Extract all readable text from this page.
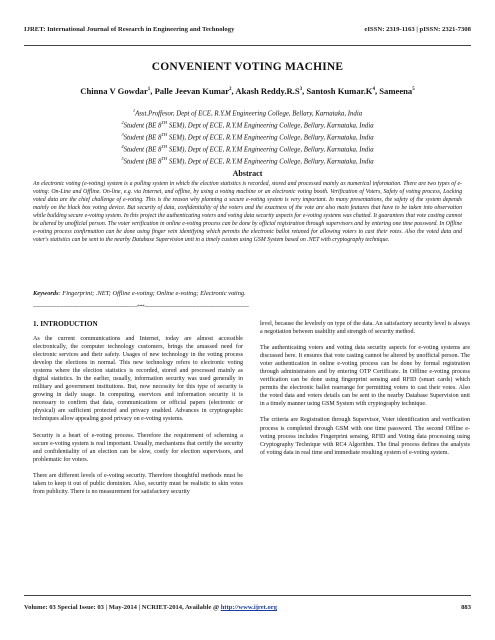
IJRET: International Journal of Research in Engineering and Technology	eISSN: 2319-1163 | pISSN: 2321-7308
CONVENIENT VOTING MACHINE
Chinna V Gowdar$^1$, Palle Jeevan Kumar$^2$, Akash $Reddy.R.S^3$, Santosh $Kumar.K^4$, Sameena$^5$
$^1$Asst.Proffesor, Dept of ECE, R.Y.M Engineering College, Bellary, Karnataka, India
$^2$Student (BE 8TH SEM), Dept of ECE, R.Y.M Engineering College, Bellary, Karnataka, India
$^3$Student (BE 8TH SEM), Dept of ECE, R.Y.M Engineering College, Bellary, Karnataka, India
$^4$Student (BE 8TH SEM), Dept of ECE, R.Y.M Engineering College, Bellary, Karnataka, India
$^5$Student (BE 8TH SEM), Dept of ECE, R.Y.M Engineering College, Bellary, Karnataka, India
Abstract
An electronic voting (e-voting) system is a polling system in which the election statistics is recorded, stored and processed mainly as numerical information. There are two types of e-voting: On-Line and Offline. On-line, e.g. via Internet, and offline, by using a voting machine or an electronic voting booth. Verification of Voters, Safety of voting process, Locking voted data are the chief challenge of e-voting. This is the reason why planning a secure e-voting system is very important. In many presentations, the safety of the system depends mainly on the black box voting device. But security of data, confidentiality of the voters and the exactness of the vote are also main features that have to be taken into observation while building secure e-voting system. In this project the authenticating voters and voting data security aspects for e-voting systems was chatted. It guarantees that vote casting cannot be altered by unofficial person. The voter verification in online e-voting process can be done by official registration through supervisors and by entering one time password. In Offline e-voting process confirmation can be done using finger vein identifying which permits the electronic ballot retuned for allowing voters to cast their votes. Also the voted data and voter's statistics can be sent to the nearby Database Supervision unit in a timely custom using GSM System based on .NET with cryptography technique.
Keywords: Fingerprint; .NET; Offline e-voting; Online e-voting; Electronic voting.
--------------------------------------------------------------------***--------------------------------------------------------------------
1. INTRODUCTION

As the current communications and Internet, today are almost accessible electronically, the computer technology customers, brings the amassed need for electronic services and their safety. Usages of new technology in the voting process develop the elections in normal. This new technology refers to electronic voting systems where the election statistics is recorded, stored and processed mainly as digital statistics. In the earlier, usually, information security was used generally in military and government institutions. But, now necessity for this type of security is growing in daily usage. In computing, eservices and information security it is necessary to confirm that data, communications or official papers (electronic or physical) are sufficient protected and privacy enabled. Advances in cryptographic techniques allow appealing good privacy on e-voting systems.

Security is a heart of e-voting process. Therefore the requirement of scheming a secure e-voting system is real important. Usually, mechanisms that certify the security and confidentiality of an election can be slow, costly for election supervisors, and problematic for voters.

There are different levels of e-voting security. Therefore thoughtful methods must be taken to keep it out of public dominion. Also, security must be realistic to skin votes from publicity. There is no measurement for satisfactory security

level, because the levelrely on type of the data. An satisfactory security level is always a negotiation between usability and strength of security method.

The authenticating voters and voting data security aspects for e-voting systems are discussed here. It ensures that vote casting cannot be altered by unofficial person. The voter authentication in online e-voting process can be done by formal registration through administrators and by entering OTP Certificate. In Offline e-voting process verification can be done using fingerprint sensing and RFID (smart cards) which permits the electronic ballot rearrange for permitting voters to cast their votes. Also the voted data and voters details can be sent to the nearby Database Supervision unit in a timely manner using GSM System with cryptography technique.

The criteria are Registration through Supervisor, Voter identification and verification process is completed through GSM with one time password. The second Offline e-voting process includes Fingerprint sensing, RFID and Voting data processing using Cryptography Technique with RC4 Algorithm. The final process defines the analysis of voting data in real time and immediate resulting system of e-voting system.

Volume: 03 Special Issue: 03 | May-2014 | NCRIET-2014, Available @ http://www.ijret.org	883
